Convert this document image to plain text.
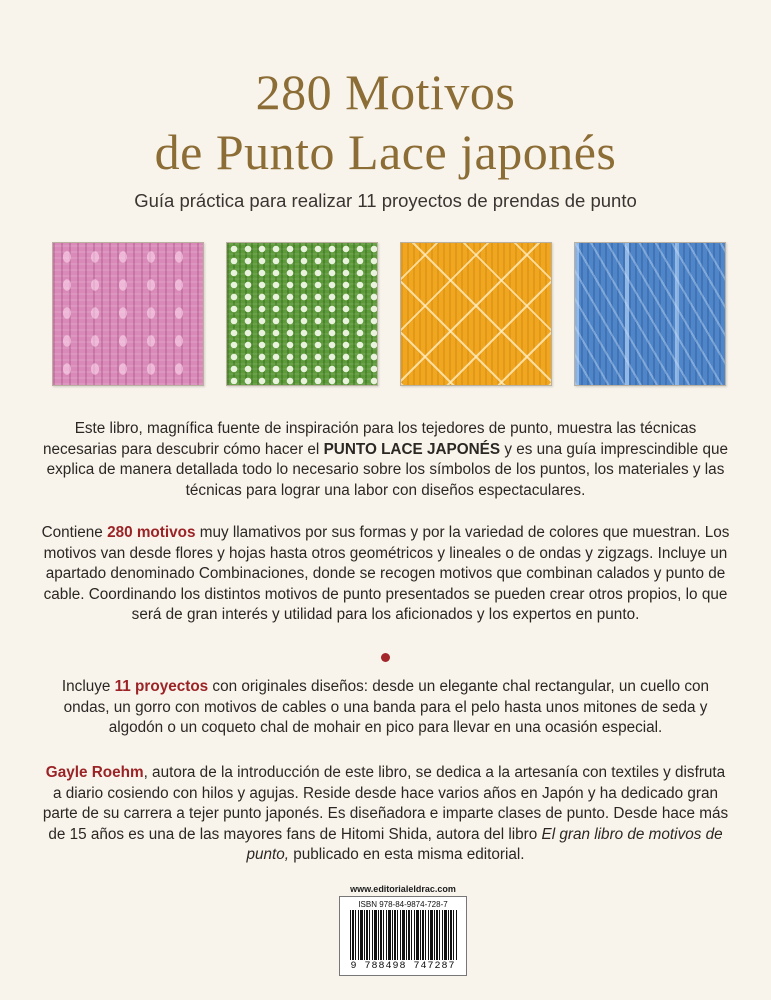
280 Motivos
de Punto Lace japonés
Guía práctica para realizar 11 proyectos de prendas de punto
Este libro, magnífica fuente de inspiración para los tejedores de punto, muestra las técnicas necesarias para descubrir cómo hacer el PUNTO LACE JAPONÉS y es una guía imprescindible que explica de manera detallada todo lo necesario sobre los símbolos de los puntos, los materiales y las técnicas para lograr una labor con diseños espectaculares.
Contiene 280 motivos muy llamativos por sus formas y por la variedad de colores que muestran. Los motivos van desde flores y hojas hasta otros geométricos y lineales o de ondas y zigzags. Incluye un apartado denominado Combinaciones, donde se recogen motivos que combinan calados y punto de cable. Coordinando los distintos motivos de punto presentados se pueden crear otros propios, lo que será de gran interés y utilidad para los aficionados y los expertos en punto.
Incluye 11 proyectos con originales diseños: desde un elegante chal rectangular, un cuello con ondas, un gorro con motivos de cables o una banda para el pelo hasta unos mitones de seda y algodón o un coqueto chal de mohair en pico para llevar en una ocasión especial.
Gayle Roehm, autora de la introducción de este libro, se dedica a la artesanía con textiles y disfruta a diario cosiendo con hilos y agujas. Reside desde hace varios años en Japón y ha dedicado gran parte de su carrera a tejer punto japonés. Es diseñadora e imparte clases de punto. Desde hace más de 15 años es una de las mayores fans de Hitomi Shida, autora del libro El gran libro de motivos de punto, publicado en esta misma editorial.
www.editorialeldrac.com
ISBN 978-84-9874-728-7
9 788498 747287
